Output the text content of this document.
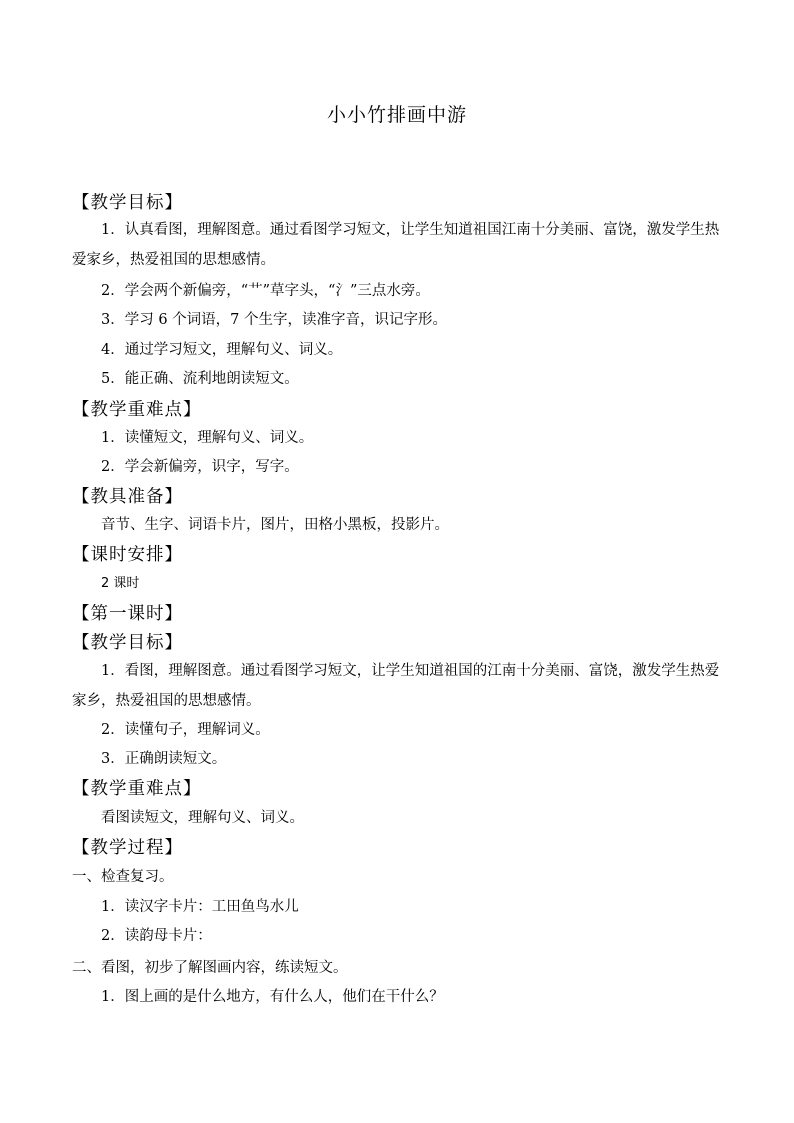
小小竹排画中游
【教学目标】
1．认真看图，理解图意。通过看图学习短文，让学生知道祖国江南十分美丽、富饶，激发学生热爱家乡，热爱祖国的思想感情。
2．学会两个新偏旁，“艹”草字头，“氵”三点水旁。
3．学习 6 个词语，7 个生字，读准字音，识记字形。
4．通过学习短文，理解句义、词义。
5．能正确、流利地朗读短文。
【教学重难点】
1．读懂短文，理解句义、词义。
2．学会新偏旁，识字，写字。
【教具准备】
音节、生字、词语卡片，图片，田格小黑板，投影片。
【课时安排】
2 课时
【第一课时】
【教学目标】
1．看图，理解图意。通过看图学习短文，让学生知道祖国的江南十分美丽、富饶，激发学生热爱家乡，热爱祖国的思想感情。
2．读懂句子，理解词义。
3．正确朗读短文。
【教学重难点】
看图读短文，理解句义、词义。
【教学过程】
一、检查复习。
1．读汉字卡片：工田鱼鸟水儿
2．读韵母卡片：
二、看图，初步了解图画内容，练读短文。
1．图上画的是什么地方，有什么人，他们在干什么？
